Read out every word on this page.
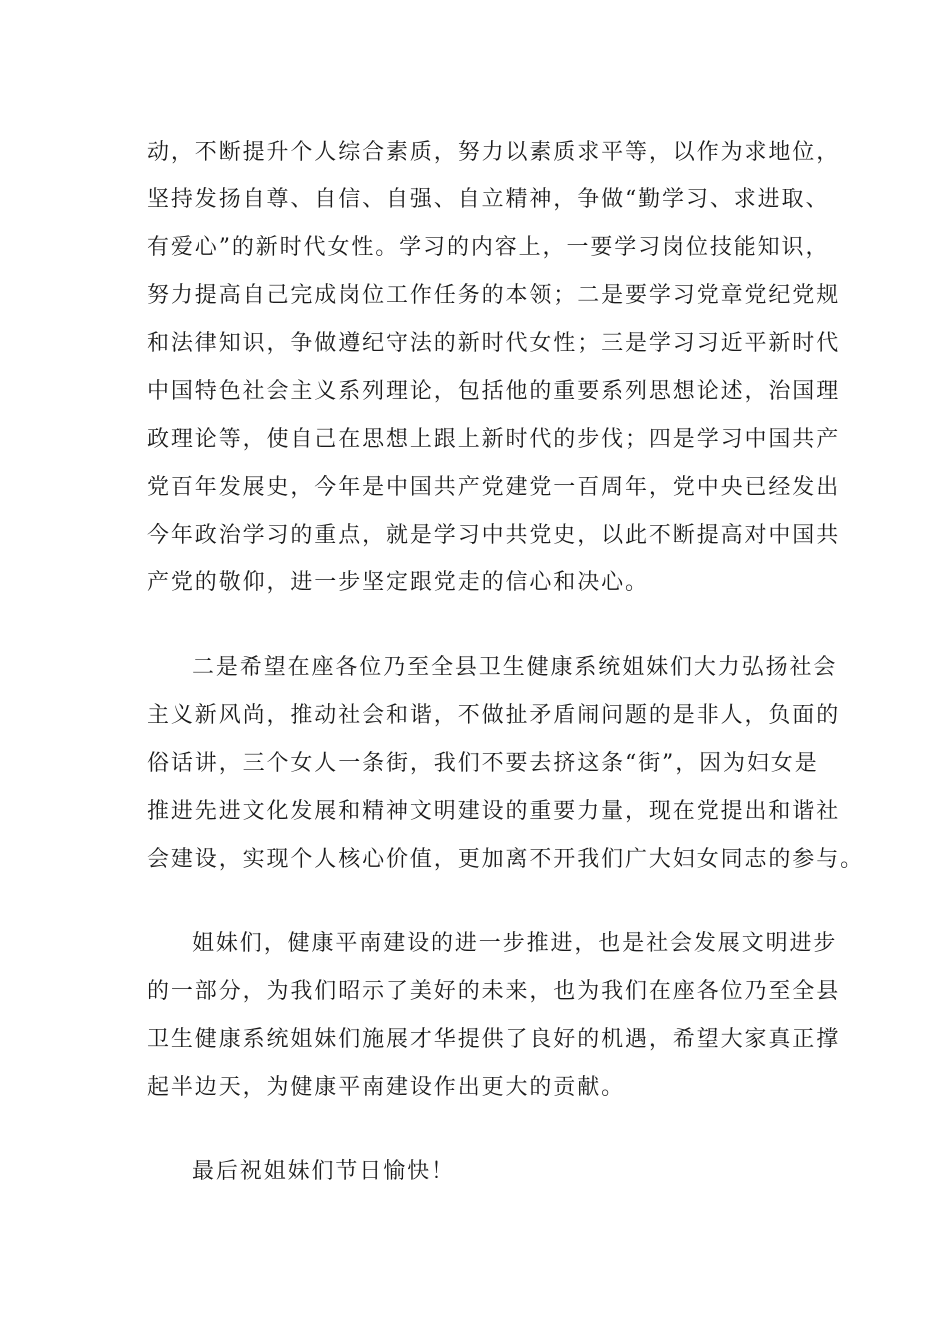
动，不断提升个人综合素质，努力以素质求平等，以作为求地位，
坚持发扬自尊、自信、自强、自立精神，争做“勤学习、求进取、
有爱心”的新时代女性。学习的内容上，一要学习岗位技能知识，
努力提高自己完成岗位工作任务的本领；二是要学习党章党纪党规
和法律知识，争做遵纪守法的新时代女性；三是学习习近平新时代
中国特色社会主义系列理论，包括他的重要系列思想论述，治国理
政理论等，使自己在思想上跟上新时代的步伐；四是学习中国共产
党百年发展史，今年是中国共产党建党一百周年，党中央已经发出
今年政治学习的重点，就是学习中共党史，以此不断提高对中国共
产党的敬仰，进一步坚定跟党走的信心和决心。
二是希望在座各位乃至全县卫生健康系统姐妹们大力弘扬社会
主义新风尚，推动社会和谐，不做扯矛盾闹问题的是非人，负面的
俗话讲，三个女人一条街，我们不要去挤这条“街”，因为妇女是
推进先进文化发展和精神文明建设的重要力量，现在党提出和谐社
会建设，实现个人核心价值，更加离不开我们广大妇女同志的参与。
姐妹们，健康平南建设的进一步推进，也是社会发展文明进步
的一部分，为我们昭示了美好的未来，也为我们在座各位乃至全县
卫生健康系统姐妹们施展才华提供了良好的机遇，希望大家真正撑
起半边天，为健康平南建设作出更大的贡献。
最后祝姐妹们节日愉快！
